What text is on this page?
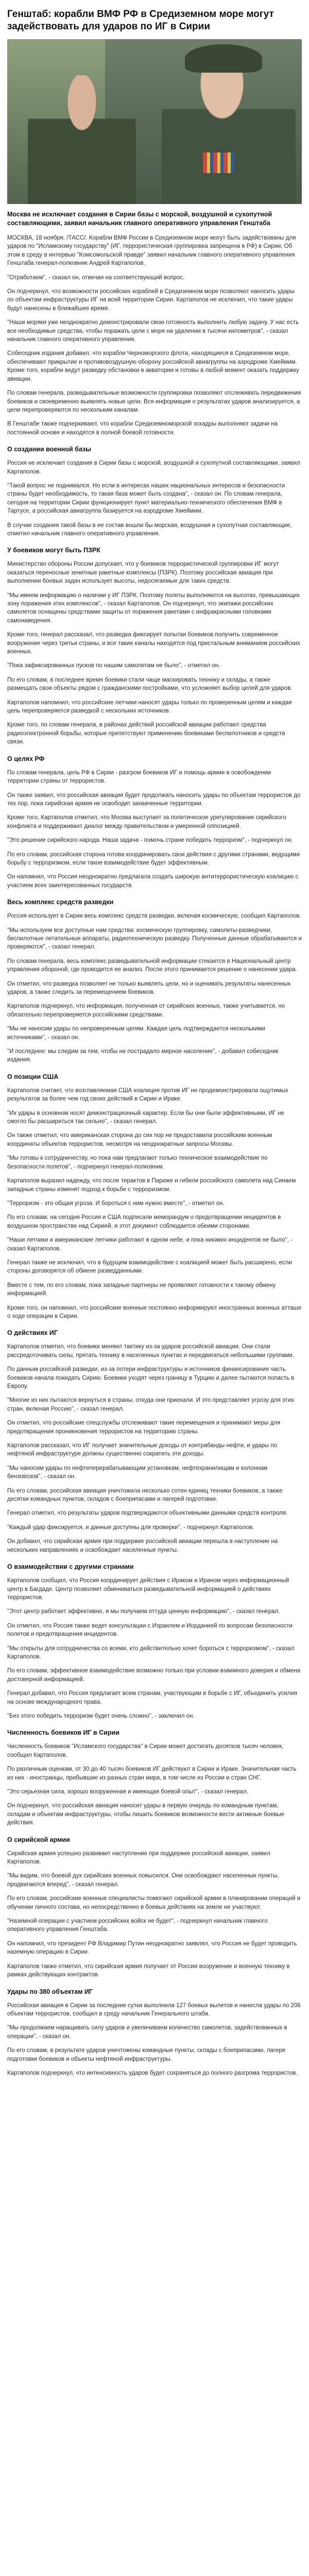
Генштаб: корабли ВМФ РФ в Средиземном море могут задействовать для ударов по ИГ в Сирии

Москва не исключает создания в Сирии базы с морской, воздушной и сухопутной составляющими, заявил начальник главного оперативного управления Генштаба

МОСКВА, 18 ноября. /ТАСС/. Корабли ВМФ России в Средиземном море могут быть задействованы для ударов по "Исламскому государству" (ИГ, террористическая группировка запрещена в РФ) в Сирии. Об этом в среду в интервью "Комсомольской правде" заявил начальник главного оперативного управления Генштаба генерал-полковник Андрей Картаполов.

"Отработаем", - сказал он, отвечая на соответствующий вопрос.

Он подчеркнул, что возможности российских кораблей в Средиземном море позволяют наносить удары по объектам инфраструктуры ИГ на всей территории Сирии. Картаполов не исключил, что такие удары будут нанесены в ближайшее время.

"Наши моряки уже неоднократно демонстрировали свою готовность выполнить любую задачу. У нас есть все необходимые средства, чтобы поражать цели с моря на удалении в тысячи километров", - сказал начальник главного оперативного управления.

Собеседник издания добавил, что корабли Черноморского флота, находящиеся в Средиземном море, обеспечивают прикрытие и противовоздушную оборону российской авиагруппы на аэродроме Хмеймим. Кроме того, корабли ведут разведку обстановки в акватории и готовы в любой момент оказать поддержку авиации.

По словам генерала, разведывательные возможности группировки позволяют отслеживать передвижения боевиков и своевременно выявлять новые цели. Вся информация о результатах ударов анализируется, а цели перепроверяются по нескольким каналам.

В Генштабе также подчеркивают, что корабли Средиземноморской эскадры выполняют задачи на постоянной основе и находятся в полной боевой готовности.

О создании военной базы

Россия не исключает создания в Сирии базы с морской, воздушной и сухопутной составляющими, заявил Картаполов.

"Такой вопрос не поднимался. Но если в интересах наших национальных интересов и безопасности страны будет необходимость, то такая база может быть создана", - сказал он. По словам генерала, сегодня на территории Сирии функционирует пункт материально-технического обеспечения ВМФ в Тартусе, а российская авиагруппа базируется на аэродроме Хмеймим.

В случае создания такой базы в ее состав вошли бы морская, воздушная и сухопутная составляющие, отметил начальник главного оперативного управления.

У боевиков могут быть ПЗРК

Министерство обороны России допускает, что у боевиков террористической группировки ИГ могут оказаться переносные зенитные ракетные комплексы (ПЗРК). Поэтому российская авиация при выполнении боевых задач использует высоты, недосягаемые для таких средств.

"Мы имеем информацию о наличии у ИГ ПЗРК. Поэтому полеты выполняются на высотах, превышающих зону поражения этих комплексов", - сказал Картаполов. Он подчеркнул, что экипажи российских самолетов оснащены средствами защиты от поражения ракетами с инфракрасными головками самонаведения.

Кроме того, генерал рассказал, что разведка фиксирует попытки боевиков получить современное вооружение через третьи страны, и все такие каналы находятся под пристальным вниманием российских военных.

"Пока зафиксированных пусков по нашим самолетам не было", - отметил он.

По его словам, в последнее время боевики стали чаще маскировать технику и склады, а также размещать свои объекты рядом с гражданскими постройками, что усложняет выбор целей для ударов.

Картаполов напомнил, что российские летчики наносят удары только по проверенным целям и каждая цель перепроверяется разведкой с нескольких источников.

Кроме того, по словам генерала, в районах действий российской авиации работают средства радиоэлектронной борьбы, которые препятствуют применению боевиками беспилотников и средств связи.

О целях РФ

По словам генерала, цель РФ в Сирии - разгром боевиков ИГ и помощь армии в освобождении территории страны от террористов.

Он также заявил, что российская авиация будет продолжать наносить удары по объектам террористов до тех пор, пока сирийская армия не освободит захваченные территории.

Кроме того, Картаполов отметил, что Москва выступает за политическое урегулирование сирийского конфликта и поддерживает диалог между правительством и умеренной оппозицией.

"Это решение сирийского народа. Наша задача - помочь стране победить терроризм", - подчеркнул он.

По его словам, российская сторона готова координировать свои действия с другими странами, ведущими борьбу с терроризмом, если такое взаимодействие будет эффективным.

Он напомнил, что Россия неоднократно предлагала создать широкую антитеррористическую коалицию с участием всех заинтересованных государств.

Весь комплекс средств разведки

Россия использует в Сирии весь комплекс средств разведки, включая космическую, сообщил Картаполов.

"Мы используем все доступные нам средства: космическую группировку, самолеты-разведчики, беспилотные летательные аппараты, радиотехническую разведку. Полученные данные обрабатываются и проверяются", - сказал генерал.

По словам генерала, весь комплекс разведывательной информации стекается в Национальный центр управления обороной, где проводится ее анализ. После этого принимается решение о нанесении удара.

Он отметил, что разведка позволяет не только выявлять цели, но и оценивать результаты нанесенных ударов, а также следить за перемещением боевиков.

Картаполов подчеркнул, что информация, полученная от сирийских военных, также учитывается, но обязательно перепроверяется российскими средствами.

"Мы не наносим удары по непроверенным целям. Каждая цель подтверждается несколькими источниками", - сказал он.

"И последнее: мы следим за тем, чтобы не пострадало мирное население", - добавил собеседник издания.

О позиции США

Картаполов считает, что возглавляемая США коалиция против ИГ не продемонстрировала ощутимых результатов за более чем год своих действий в Сирии и Ираке.

"Их удары в основном носят демонстрационный характер. Если бы они были эффективными, ИГ не смогло бы расшириться так сильно", - сказал генерал.

Он также отметил, что американская сторона до сих пор не предоставила российским военным координаты объектов террористов, несмотря на неоднократные запросы Москвы.

"Мы готовы к сотрудничеству, но пока нам предлагают только техническое взаимодействие по безопасности полетов", - подчеркнул генерал-полковник.

Картаполов выразил надежду, что после терактов в Париже и гибели российского самолета над Синаем западные страны изменят подход к борьбе с терроризмом.

"Терроризм - это общая угроза. И бороться с ним нужно вместе", - отметил он.

По его словам, на сегодня Россия и США подписали меморандум о предотвращении инцидентов в воздушном пространстве над Сирией, и этот документ соблюдается обеими сторонами.

"Наши летчики и американские летчики работают в одном небе, и пока никаких инцидентов не было", - сказал Картаполов.

Генерал также не исключил, что в будущем взаимодействие с коалицией может быть расширено, если стороны договорятся об обмене разведданными.

Вместе с тем, по его словам, пока западные партнеры не проявляют готовности к такому обмену информацией.

Кроме того, он напомнил, что российские военные постоянно информируют иностранных военных атташе о ходе операции в Сирии.

О действиях ИГ

Картаполов отметил, что боевики меняют тактику из-за ударов российской авиации. Они стали рассредоточивать силы, прятать технику в населенных пунктах и передвигаться небольшими группами.

По данным российской разведки, из-за потери инфраструктуры и источников финансирования часть боевиков начала покидать Сирию. Боевики уходят через границу в Турцию и далее пытаются попасть в Европу.

"Многие из них пытаются вернуться в страны, откуда они приехали. И это представляет угрозу для этих стран, включая Россию", - сказал генерал.

Он отметил, что российские спецслужбы отслеживают такие перемещения и принимают меры для предотвращения проникновения террористов на территорию страны.

Картаполов рассказал, что ИГ получает значительные доходы от контрабанды нефти, и удары по нефтяной инфраструктуре должны существенно сократить эти доходы.

"Мы наносим удары по нефтеперерабатывающим установкам, нефтехранилищам и колоннам бензовозов", - сказал он.

По его словам, российская авиация уничтожила несколько сотен единиц техники боевиков, а также десятки командных пунктов, складов с боеприпасами и лагерей подготовки.

Генерал отметил, что результаты ударов подтверждаются объективными данными средств контроля.

"Каждый удар фиксируется, и данные доступны для проверки", - подчеркнул Картаполов.

Он добавил, что сирийская армия при поддержке российской авиации перешла в наступление на нескольких направлениях и освобождает населенные пункты.

О взаимодействии с другими странами

Картаполов сообщил, что Россия координирует действия с Ираком и Ираном через информационный центр в Багдаде. Центр позволяет обмениваться разведывательной информацией о действиях террористов.

"Этот центр работает эффективно, и мы получаем оттуда ценную информацию", - сказал генерал.

Он отметил, что Россия также ведет консультации с Израилем и Иорданией по вопросам безопасности полетов и предотвращения инцидентов.

"Мы открыты для сотрудничества со всеми, кто действительно хочет бороться с терроризмом", - сказал Картаполов.

По его словам, эффективное взаимодействие возможно только при условии взаимного доверия и обмена достоверной информацией.

Генерал добавил, что Россия предлагает всем странам, участвующим в борьбе с ИГ, объединить усилия на основе международного права.

"Без этого победить терроризм будет очень сложно", - заключил он.

Численность боевиков ИГ в Сирии

Численность боевиков "Исламского государства" в Сирии может достигать десятков тысяч человек, сообщил Картаполов.

По различным оценкам, от 30 до 40 тысяч боевиков ИГ действуют в Сирии и Ираке. Значительная часть из них - иностранцы, прибывшие из разных стран мира, в том числе из России и стран СНГ.

"Это серьезная сила, хорошо вооруженная и имеющая боевой опыт", - сказал генерал.

Он подчеркнул, что российская авиация наносит удары в первую очередь по командным пунктам, складам и объектам инфраструктуры, чтобы лишить боевиков возможности вести активные боевые действия.

О сирийской армии

Сирийская армия успешно развивает наступление при поддержке российской авиации, заявил Картаполов.

"Мы видим, что боевой дух сирийских военных повысился. Они освобождают населенные пункты, продвигаются вперед", - сказал генерал.

По его словам, российские военные специалисты помогают сирийской армии в планировании операций и обучении личного состава, но непосредственно в боевых действиях на земле не участвуют.

"Наземной операции с участием российских войск не будет", - подчеркнул начальник главного оперативного управления Генштаба.

Он напомнил, что президент РФ Владимир Путин неоднократно заявлял, что Россия не будет проводить наземную операцию в Сирии.

Картаполов также отметил, что сирийская армия получает от России вооружение и военную технику в рамках действующих контрактов.

Удары по 380 объектам ИГ

Российская авиация в Сирии за последние сутки выполнила 127 боевых вылетов и нанесла удары по 206 объектам террористов, сообщил в среду начальник Генерального штаба.

"Мы продолжаем наращивать силу ударов и увеличиваем количество самолетов, задействованных в операции", - сказал он.

По его словам, в результате ударов уничтожены командные пункты, склады с боеприпасами, лагеря подготовки боевиков и объекты нефтяной инфраструктуры.

Картаполов подчеркнул, что интенсивность ударов будет сохраняться до полного разгрома террористов.
